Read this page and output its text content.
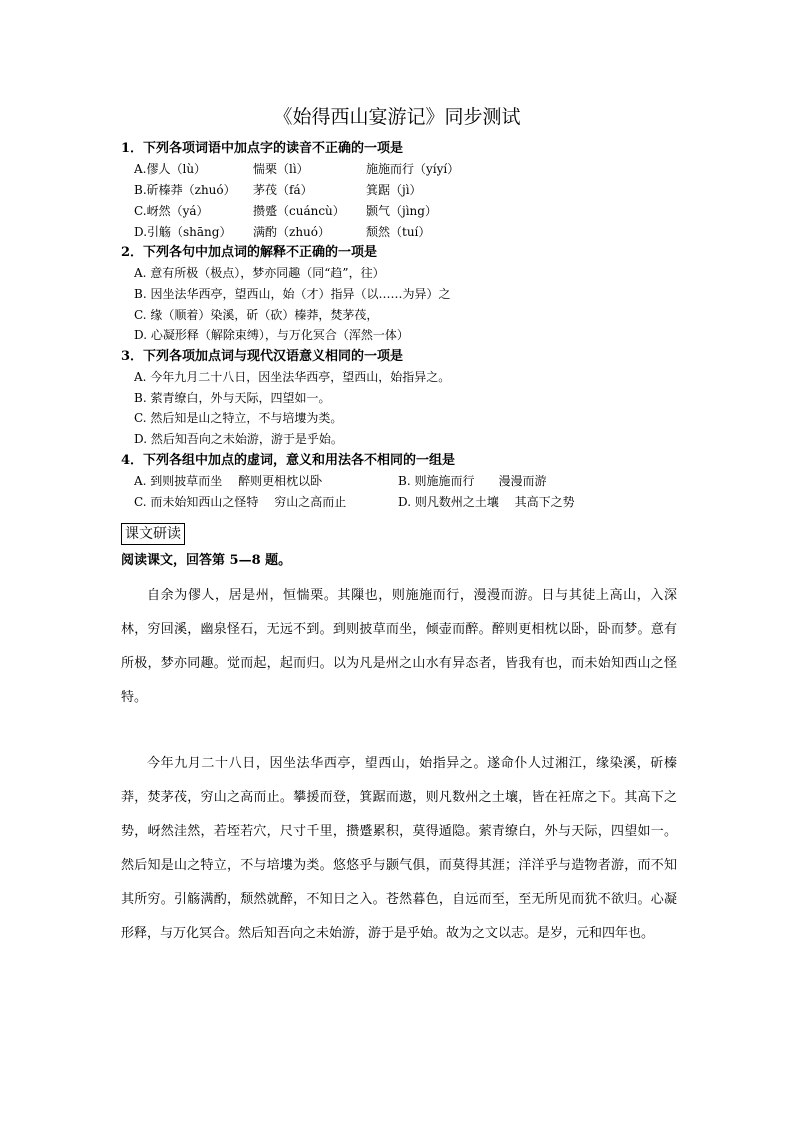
《始得西山宴游记》同步测试
1．下列各项词语中加点字的读音不正确的一项是
A.僇人（lù）	惴栗（lì）	施施而行（yíyí）
B.斫榛莽（zhuó） 茅茷（fá）	箕踞（jì）
C.岈然（yá）	攒蹙（cuáncù） 颢气（jìng）
D.引觞（shāng） 满酌（zhuó）	颓然（tuí）
2．下列各句中加点词的解释不正确的一项是
A. 意有所极（极点），梦亦同趣（同“趋”，往）
B. 因坐法华西亭，望西山，始（才）指异（以……为异）之
C. 缘（顺着）染溪，斫（砍）榛莽，焚茅茷，
D. 心凝形释（解除束缚），与万化冥合（浑然一体）
3．下列各项加点词与现代汉语意义相同的一项是
A. 今年九月二十八日，因坐法华西亭，望西山，始指异之。
B. 萦青缭白，外与天际，四望如一。
C. 然后知是山之特立，不与培塿为类。
D. 然后知吾向之未始游，游于是乎始。
4．下列各组中加点的虚词，意义和用法各不相同的一组是
A. 到则披草而坐　 醉则更相枕以卧	B. 则施施而行　　漫漫而游
C. 而未始知西山之怪特　 穷山之高而止	D. 则凡数州之土壤　 其高下之势
课文研读
阅读课文，回答第 5—8 题。

自余为僇人，居是州，恒惴栗。其隟也，则施施而行，漫漫而游。日与其徒上高山，入深林，穷回溪，幽泉怪石，无远不到。到则披草而坐，倾壶而醉。醉则更相枕以卧，卧而梦。意有所极，梦亦同趣。觉而起，起而归。以为凡是州之山水有异态者，皆我有也，而未始知西山之怪特。

今年九月二十八日，因坐法华西亭，望西山，始指异之。遂命仆人过湘江，缘染溪，斫榛莽，焚茅茷，穷山之高而止。攀援而登，箕踞而遨，则凡数州之土壤，皆在衽席之下。其高下之势，岈然洼然，若垤若穴，尺寸千里，攒蹙累积，莫得遁隐。萦青缭白，外与天际，四望如一。然后知是山之特立，不与培塿为类。悠悠乎与颢气俱，而莫得其涯；洋洋乎与造物者游，而不知其所穷。引觞满酌，颓然就醉，不知日之入。苍然暮色，自远而至，至无所见而犹不欲归。心凝形释，与万化冥合。然后知吾向之未始游，游于是乎始。故为之文以志。是岁，元和四年也。
